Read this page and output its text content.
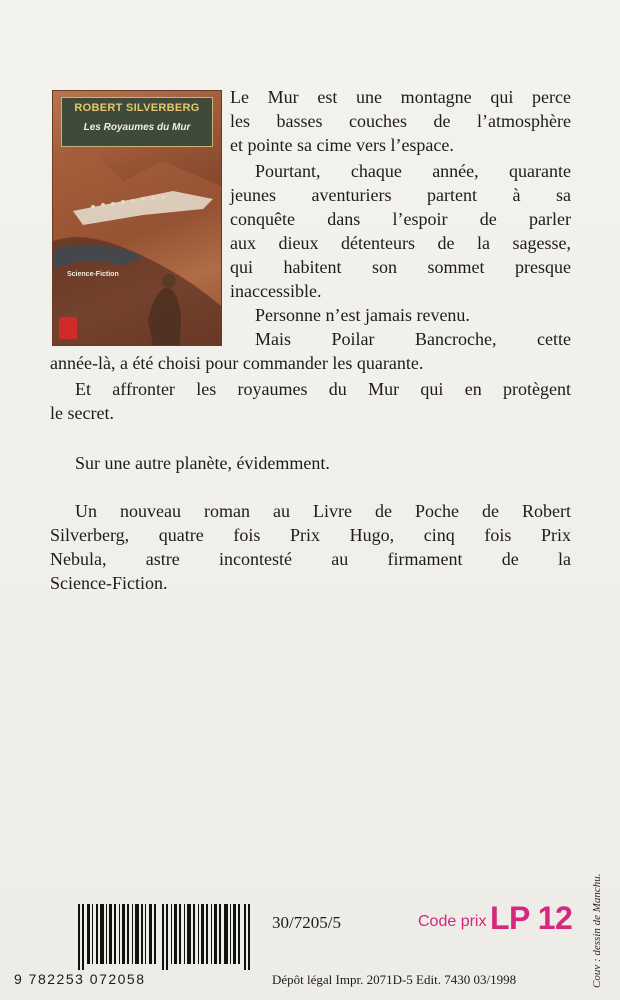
ROBERT SILVERBERG
Les Royaumes du Mur
Science-Fiction
Le Mur est une montagne qui perce
les basses couches de l’atmosphère
et pointe sa cime vers l’espace.
Pourtant, chaque année, quarante
jeunes aventuriers partent à sa
conquête dans l’espoir de parler
aux dieux détenteurs de la sagesse,
qui habitent son sommet presque
inaccessible.
Personne n’est jamais revenu.
Mais Poilar Bancroche, cette
année-là, a été choisi pour commander les quarante.
Et affronter les royaumes du Mur qui en protègent
le secret.
Sur une autre planète, évidemment.
Un nouveau roman au Livre de Poche de Robert
Silverberg, quatre fois Prix Hugo, cinq fois Prix
Nebula, astre incontesté au firmament de la
Science-Fiction.
9 782253 072058
30/7205/5	Code prix LP 12
Dépôt légal Impr. 2071D-5 Edit. 7430 03/1998	Couv : dessin de Manchu.
